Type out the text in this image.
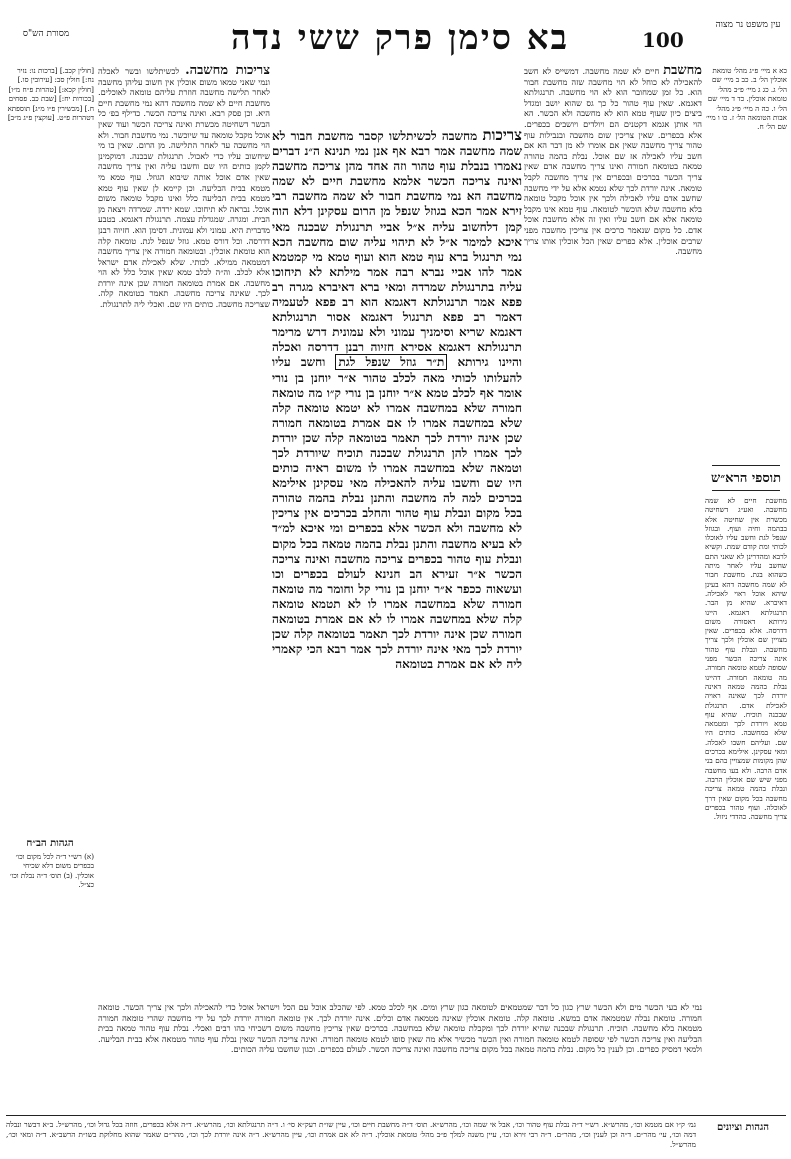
בא סימן פרק ששי נדה	100
עין משפט נר מצוה
מסורת הש"ס
כא א מיי׳ פ״ג מהל׳ טומאת אוכלין הל׳ ב. כב ב מיי׳ שם הל׳ ג. כג ג מיי׳ פ״ב מהל׳ טומאת אוכלין. כד ד מיי׳ שם הל׳ ו. כה ה מיי׳ פ״ג מהל׳ אבות הטומאה הל׳ ז. כו ו מיי׳ שם הל׳ ח.
מחשבת חיים לא שמה מחשבה. דמשייס לא חשב להאכילה לא כוחל לא הוי מחשבה שזה מחשבת חבור הוא. כל זמן שמחובר הוא לא הוי מחשבה. תרנגולתא דאגמא. שאין עוף טהור כל כך גס שהוא יושב ומגדל ביצים כיון שעוף טמא הוא לא מחשבה ולא הכשר. הא הוי אותן אגמא דקטנים הם ויולדים ויושבים בכפרים. אלא בכפרים. שאין צריכין שום מחשבה ובנבילות עוף טהור צריך מחשבה שאין אם אומרו לא מן דבר הא אם חשב עליו לאכילה אז שם אוכל. נבלת בהמה טהורה טמאה בטומאה חמורה ואינו צריך מחשבה אדם שאין צריך הכשר בכרכים ובכפרים אין צריך מחשבה לקבל טומאה. אינה יורדת לכך שלא נטמא אלא על ידי מחשבה שחשב אדם עליו לאכילה ולכך אין אוכל מקבל טומאה בלא מחשבה שלא הוכשר לטומאה. עוף טמא אינו מקבל טומאה אלא אם חשב עליו ואין זה אלא מחשבת אוכל אדם. כל מקום שנאמר כרכים אין צריכין מחשבה מפני שרבים אוכלין. אלא כפרים שאין הכל אוכלין אותו צריך מחשבה.
צריכות מחשבה לכשיתלשו קסבר מחשבת חבור לא שמה מחשבה אמר רבא אף אנן נמי תנינא ה״נ דברים נאמרו בנבלת עוף טהור וזה אחד מהן צריכה מחשבה ואינה צריכה הכשר אלמא מחשבת חיים לא שמה מחשבה הא נמי מחשבת חבור לא שמה מחשבה רבי זירא אמר הכא בגוזל שנפל מן הרום עסקינן דלא הוה קמן דלחשוב עליה א״ל אביי תרנגולת שבכנה מאי איכא למימר א״ל לא תיהוי עליה שום מחשבה הכא נמי תרנגול ברא עוף טמא הוא ועוף טמא מי קמטמא אמר להו אביי נברא רבה אמר מילתא לא תיחוכו עליה בתרנגולת שמרדה ומאי ברא דאיברא מגרה רב פפא אמר תרנגולתא דאגמא הוא רב פפא לטעמיה דאמר רב פפא תרנגול דאגמא אסור תרנגולתא דאגמא שריא וסימניך עמוני ולא עמונית דרש מרימר תרנגולתא דאגמא אסירא חזיוה רבנן דדרסה ואכלה והיינו גירותא ת״ר גוזל שנפל לגת וחשב עליו להעלותו לכותי מאה לכלב טהור א״ר יוחנן בן נורי אומר אף לכלב טמא א״ר יוחנן בן נורי ק״ו מה טומאה חמורה שלא במחשבה אמרו לא יטמא טומאה קלה שלא במחשבה אמרו לו אם אמרת בטומאה חמורה שכן אינה יורדת לכך תאמר בטומאה קלה שכן יורדת לכך אמרו להן תרנגולת שבכנה תוכיח שיורדת לכך וטמאה שלא במחשבה אמרו לו משום ראיה כותים היו שם וחשבו עליה להאכילה מאי עסקינן אילימא בכרכים למה לה מחשבה והתנן נבלת בהמה טהורה בכל מקום ונבלת עוף טהור והחלב בכרכים אין צריכין לא מחשבה ולא הכשר אלא בכפרים ומי איכא למ״ד לא בעיא מחשבה והתנן נבלת בהמה טמאה בכל מקום ונבלת עוף טהור בכפרים צריכה מחשבה ואינה צריכה הכשר א״ר זעירא הב חנינא לעולם בכפרים וכו ועשאוה ככפר א״ר יוחנן בן נורי קל וחומר מה טומאה חמורה שלא במחשבה אמרו לו לא תטמא טומאה קלה שלא במחשבה אמרו לו לא אם אמרת בטומאה חמורה שכן אינה יורדת לכך תאמר בטומאה קלה שכן יורדת לכך מאי אינה יורדת לכך אמר רבא הכי קאמרי ליה לא אם אמרת בטומאה
צריכות מחשבה. לכשיתלשו ובשר לאכלה ונמי שאני טמאו משום אוכלין אין חשוב עליהן מחשבה לאחר תלישה מחשבה חוזרת עליהם טומאה לאוכלים. מחשבת חיים לא שמה מחשבה דהא נמי מחשבת חיים היא. וכן פסק רבא. ואינה צריכה הכשר. כדילף בפ׳ כל הבשר דשחיטה מכשרת ואינה צריכה הכשר ועוד שאין אוכל מקבל טומאה עד שיוכשר. נמי מחשבת חבור. ולא הוי מחשבה עד לאחר התלישה. מן הרום. שאין בו מי שיחשוב עליו כדי לאכול. תרנגולת שבכנה. דמוקמינן לקמן כותים היו שם וחשבו עליה ואין צריך מחשבה שאין אדם אוכל אותה שיבוא הגוזל. עוף טמא מי מטמא בבית הבליעה. וכן קיימא לן שאין עוף טמא מטמא בבית הבליעה כלל ואינו מקבל טומאה משום אוכל. נבראה לא תיחוכו. שמא ירדה. שמרדה ויצאה מן הבית. ומגרה. שמגדלת עצמה. תרנגולת דאגמא. בטבע מדברית היא. עמוני ולא עמונית. דסימן הוא. חזיוה רבנן דדרסה. וכל דורס טמא. גוזל שנפל לגת. טומאה קלה הוא טומאת אוכלין. ובטומאה חמורה אין צריך מחשבה דמטמאה ממילא. לכותי. שלא לאכילת אדם ישראל אלא לכלב. וה״ה לכלב טמא שאין אוכל כלל לא הוי מחשבה. אם אמרת בטומאה חמורה שכן אינה יורדת לכך. שאינה צריכה מחשבה. תאמר בטומאה קלה. שצריכה מחשבה. כותים היו שם. ואכלי ליה לתרנגולת.
[חולין קכב.] [ברכות נו: נזיר נח:] חולין סב: [עירובין סו.] [חולין קכא:] [טהרות פ״ח מ״ו] [בכורות יח:] [שבת כב. פסחים ח.] [מכשירין פ״ו מ״ג] תוספתא דטהרות פ״ט. [עוקצין פ״ג מ״ב]
הגהות הב״ח
(א) רש״י ד״ה לכל מקום וכו׳ בכפרים משום דלא שכיחי אוכלין. (ב) תוס׳ ד״ה נבלת וכו׳ כצ״ל.
תוספי הרא״ש
מחשבת חיים לא שמה מחשבה. ואע״ג דשחיטה מכשרת אין שחיטה אלא בבהמה וחיה ועוף. ובגוזל שנפל לגת וחשב עליו לאוכלו לכותי ומת קודם שמת. וקשיא לרבא ומהדרינן לא שאני התם שחשב עליו לאחר מיתה כשהוא בגת. מחשבת חבור לא שמה מחשבה דהא בעינן שיהא אוכל ראוי לאכילה. דאיברא. שהיא מן הבר. תרנגולתא דאגמא. היינו גירותא דאסורה משום דדרסה. אלא בכפרים. שאין מצויין שם אוכלין ולכך צריך מחשבה. ונבלת עוף טהור אינה צריכה הכשר מפני שסופה לטמא טומאה חמורה. מה טומאה חמורה. דהיינו נבלת בהמה טמאה דאינה יורדת לכך שאינה ראויה לאכילת אדם. תרנגולת שבכנה תוכיח. שהיא עוף טמא ויורדת לכך ומטמאה שלא במחשבה. כותים היו שם. ועליהם חשבו לאכלה. ומאי עסקינן. אילימא בכרכים שהן מקומות שמצויין בהם בני אדם הרבה. ולא בעו מחשבה מפני שיש שם אוכלין הרבה. ונבלת בהמה טמאה צריכה מחשבה בכל מקום שאין דרך לאוכלה. ועוף טהור בכפרים צריך מחשבה. כהדדי ניזול.
נמי לא בעי הכשר מים ולא הכשר שרץ כגון כל דבר שמטמאים לטומאה כגון שרץ ומים. אף לכלב טמא. לפי שהכלב אוכל עם הכל וישראל אוכל כדי להאכילה ולכך אין צריך הכשר. טומאה חמורה. טומאת נבלה שמטמאה אדם במשא. טומאה קלה. טומאת אוכלין שאינה מטמאה אדם וכלים. אינה יורדת לכך. אין טומאה חמורה יורדת לכך על ידי מחשבה שהרי טומאה חמורה מטמאה בלא מחשבה. תוכיח. תרנגולת שבכנה שהיא יורדת לכך ומקבלת טומאה שלא במחשבה. בכרכים שאין צריכין מחשבה משום דשכיחי בהו רבים ואכלי. נבלת עוף טהור טמאה בבית הבליעה ואין צריכה הכשר לפי שסופה לטמא טומאה חמורה ואין הכשר מכשיר אלא מה שאין סופו לטמא טומאה חמורה. ואינה צריכה הכשר שאין נבלת עוף טהור מטמאה אלא בבית הבליעה. ולמאי דמסיק כפרים. וכן לענין כל מקום. נבלת בהמה טמאה בכל מקום צריכה מחשבה ואינה צריכה הכשר. לעולם בכפרים. וכגון שחשבו עליה הכותים.
הגהות וציונים
גמ׳ ק״ו אם מטמא וכו׳, מהרש״א. רש״י ד״ה נבלת עוף טהור וכו׳, אבל אי שמה וכו׳, מהרש״א. תוס׳ ד״ה מחשבת חיים וכו׳, עיין שו״ת רעק״א סי׳ ו. ד״ה תרנגולתא וכו׳, מהרש״א. ד״ה אלא בכפרים, חוזה בכל גדול וכו׳, מהרש״ל. ב״א דבשר ונבלה דמה וכו׳, עי׳ מהר״ם. ד״ה וכן לענין וכו׳, מהר״ם. ד״ה רבי זירא וכו׳, עיין משנה למלך פ״ב מהל׳ טומאת אוכלין. ד״ה לא אם אמרת וכו׳, עיין מהרש״א. ד״ה אינה יורדת לכך וכו׳, מהר״ם שאמר שהוא מחלוקת בשו״ת הרשב״א. ד״ה ומאי וכו׳, מהרש״ל.
